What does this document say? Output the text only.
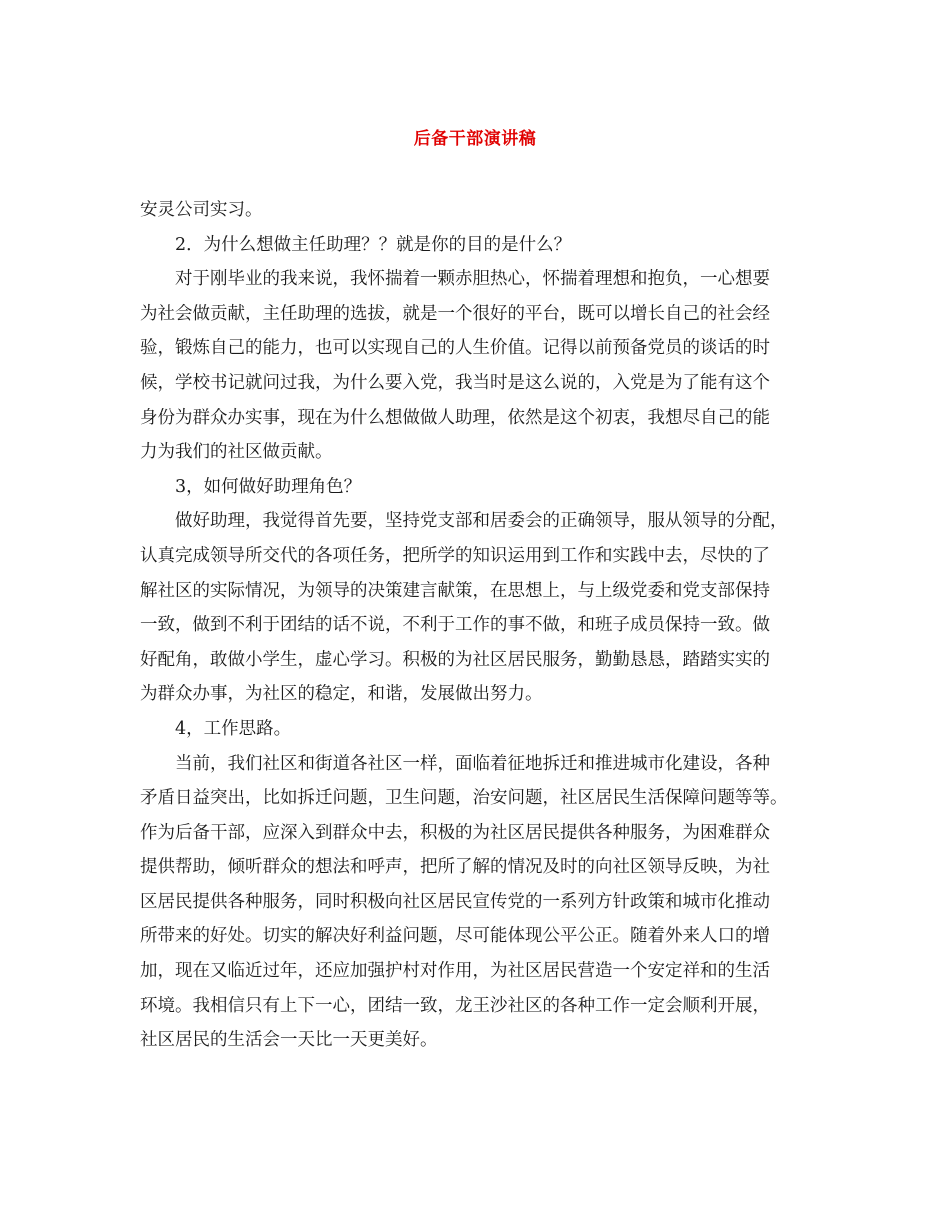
后备干部演讲稿
安灵公司实习。
2．为什么想做主任助理？？就是你的目的是什么？
对于刚毕业的我来说，我怀揣着一颗赤胆热心，怀揣着理想和抱负，一心想要
为社会做贡献，主任助理的选拔，就是一个很好的平台，既可以增长自己的社会经
验，锻炼自己的能力，也可以实现自己的人生价值。记得以前预备党员的谈话的时
候，学校书记就问过我，为什么要入党，我当时是这么说的，入党是为了能有这个
身份为群众办实事，现在为什么想做做人助理，依然是这个初衷，我想尽自己的能
力为我们的社区做贡献。
3，如何做好助理角色？
做好助理，我觉得首先要，坚持党支部和居委会的正确领导，服从领导的分配，
认真完成领导所交代的各项任务，把所学的知识运用到工作和实践中去，尽快的了
解社区的实际情况，为领导的决策建言献策，在思想上，与上级党委和党支部保持
一致，做到不利于团结的话不说，不利于工作的事不做，和班子成员保持一致。做
好配角，敢做小学生，虚心学习。积极的为社区居民服务，勤勤恳恳，踏踏实实的
为群众办事，为社区的稳定，和谐，发展做出努力。
4，工作思路。
当前，我们社区和街道各社区一样，面临着征地拆迁和推进城市化建设，各种
矛盾日益突出，比如拆迁问题，卫生问题，治安问题，社区居民生活保障问题等等。
作为后备干部，应深入到群众中去，积极的为社区居民提供各种服务，为困难群众
提供帮助，倾听群众的想法和呼声，把所了解的情况及时的向社区领导反映，为社
区居民提供各种服务，同时积极向社区居民宣传党的一系列方针政策和城市化推动
所带来的好处。切实的解决好利益问题，尽可能体现公平公正。随着外来人口的增
加，现在又临近过年，还应加强护村对作用，为社区居民营造一个安定祥和的生活
环境。我相信只有上下一心，团结一致，龙王沙社区的各种工作一定会顺利开展，
社区居民的生活会一天比一天更美好。
